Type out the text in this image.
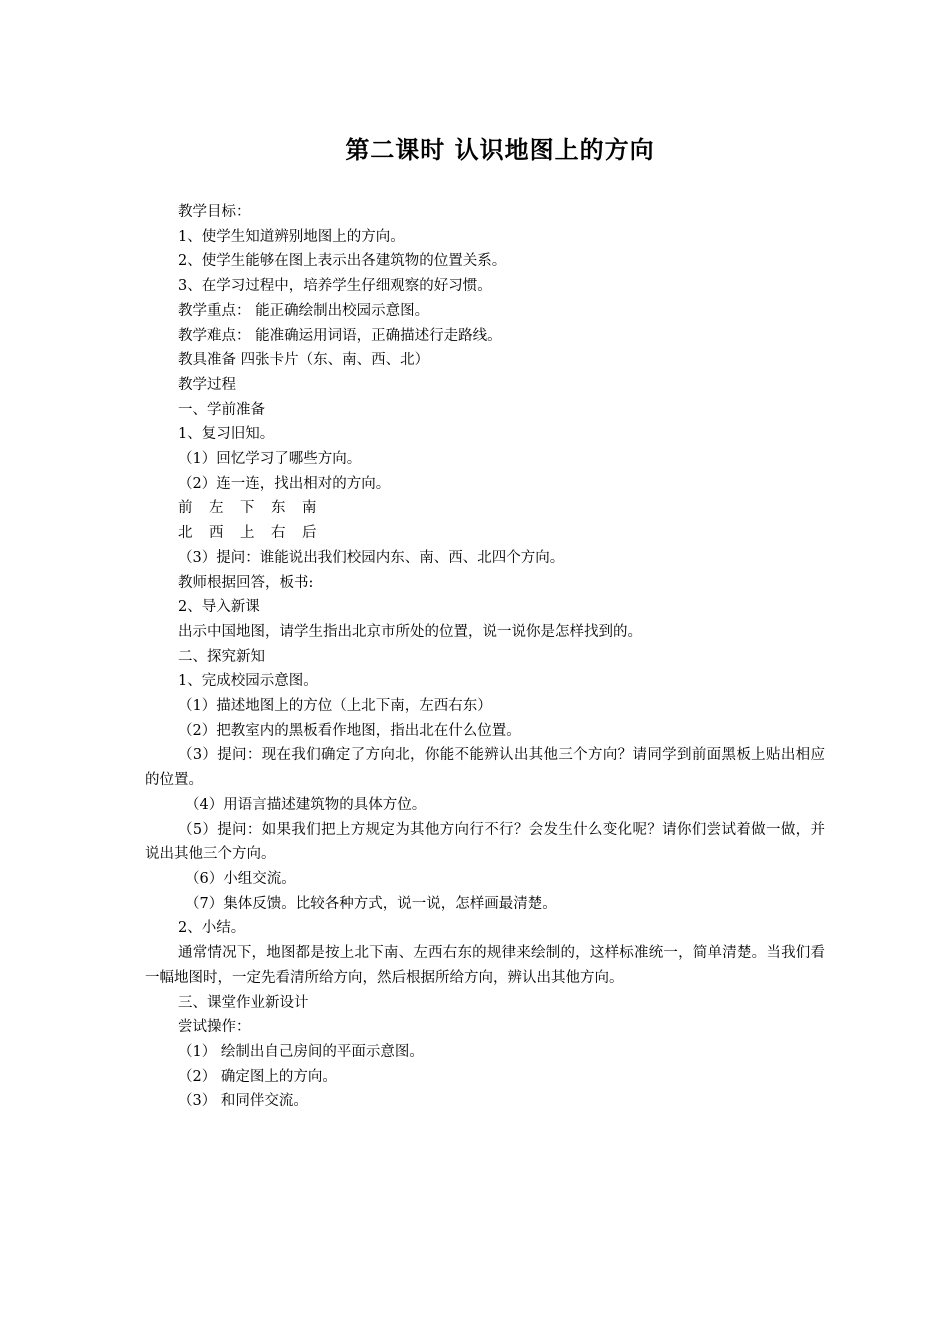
第二课时 认识地图上的方向

教学目标：

1、使学生知道辨别地图上的方向。

2、使学生能够在图上表示出各建筑物的位置关系。

3、在学习过程中，培养学生仔细观察的好习惯。

教学重点： 能正确绘制出校园示意图。

教学难点： 能准确运用词语，正确描述行走路线。

教具准备 四张卡片（东、南、西、北）

教学过程

一、学前准备

1、复习旧知。

（1）回忆学习了哪些方向。

（2）连一连，找出相对的方向。

前 左 下 东 南

北 西 上 右 后

（3）提问：谁能说出我们校园内东、南、西、北四个方向。

教师根据回答，板书:

2、导入新课

出示中国地图，请学生指出北京市所处的位置，说一说你是怎样找到的。

二、探究新知

1、完成校园示意图。

（1）描述地图上的方位（上北下南，左西右东）

（2）把教室内的黑板看作地图，指出北在什么位置。

（3）提问：现在我们确定了方向北，你能不能辨认出其他三个方向？请同学到前面黑板上贴出相应的位置。

（4）用语言描述建筑物的具体方位。

（5）提问：如果我们把上方规定为其他方向行不行？会发生什么变化呢？请你们尝试着做一做，并说出其他三个方向。

（6）小组交流。

（7）集体反馈。比较各种方式，说一说，怎样画最清楚。

2、小结。

通常情况下，地图都是按上北下南、左西右东的规律来绘制的，这样标准统一，简单清楚。当我们看一幅地图时，一定先看清所给方向，然后根据所给方向，辨认出其他方向。

三、课堂作业新设计

尝试操作：

（1） 绘制出自己房间的平面示意图。

（2） 确定图上的方向。

（3） 和同伴交流。
